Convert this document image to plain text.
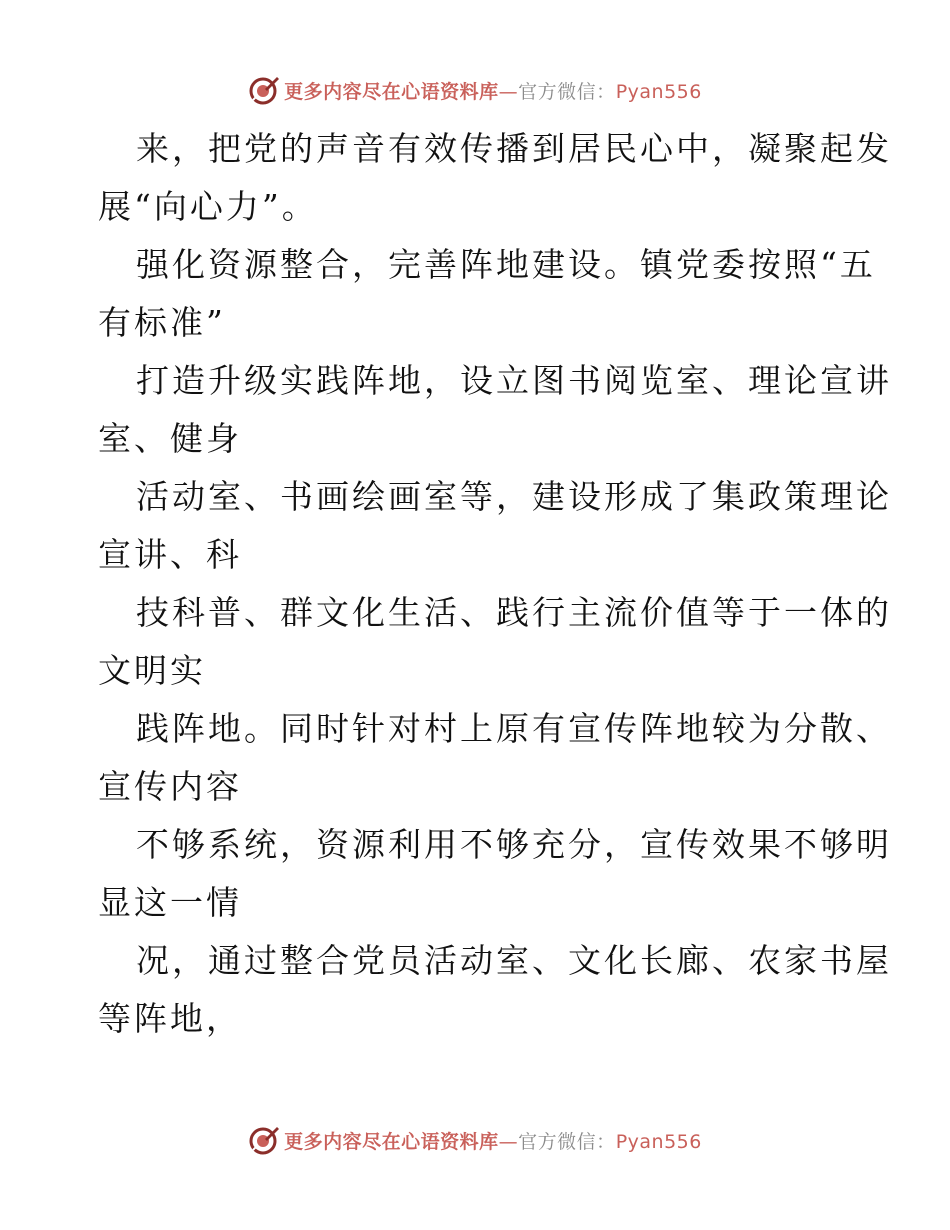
更多内容尽在心语资料库—官方微信：Pyan556
来，把党的声音有效传播到居民心中，凝聚起发
展“向心力”。
强化资源整合，完善阵地建设。镇党委按照“五
有标准”
打造升级实践阵地，设立图书阅览室、理论宣讲
室、健身
活动室、书画绘画室等，建设形成了集政策理论
宣讲、科
技科普、群文化生活、践行主流价值等于一体的
文明实
践阵地。同时针对村上原有宣传阵地较为分散、
宣传内容
不够系统，资源利用不够充分，宣传效果不够明
显这一情
况，通过整合党员活动室、文化长廊、农家书屋
等阵地，
更多内容尽在心语资料库—官方微信：Pyan556
